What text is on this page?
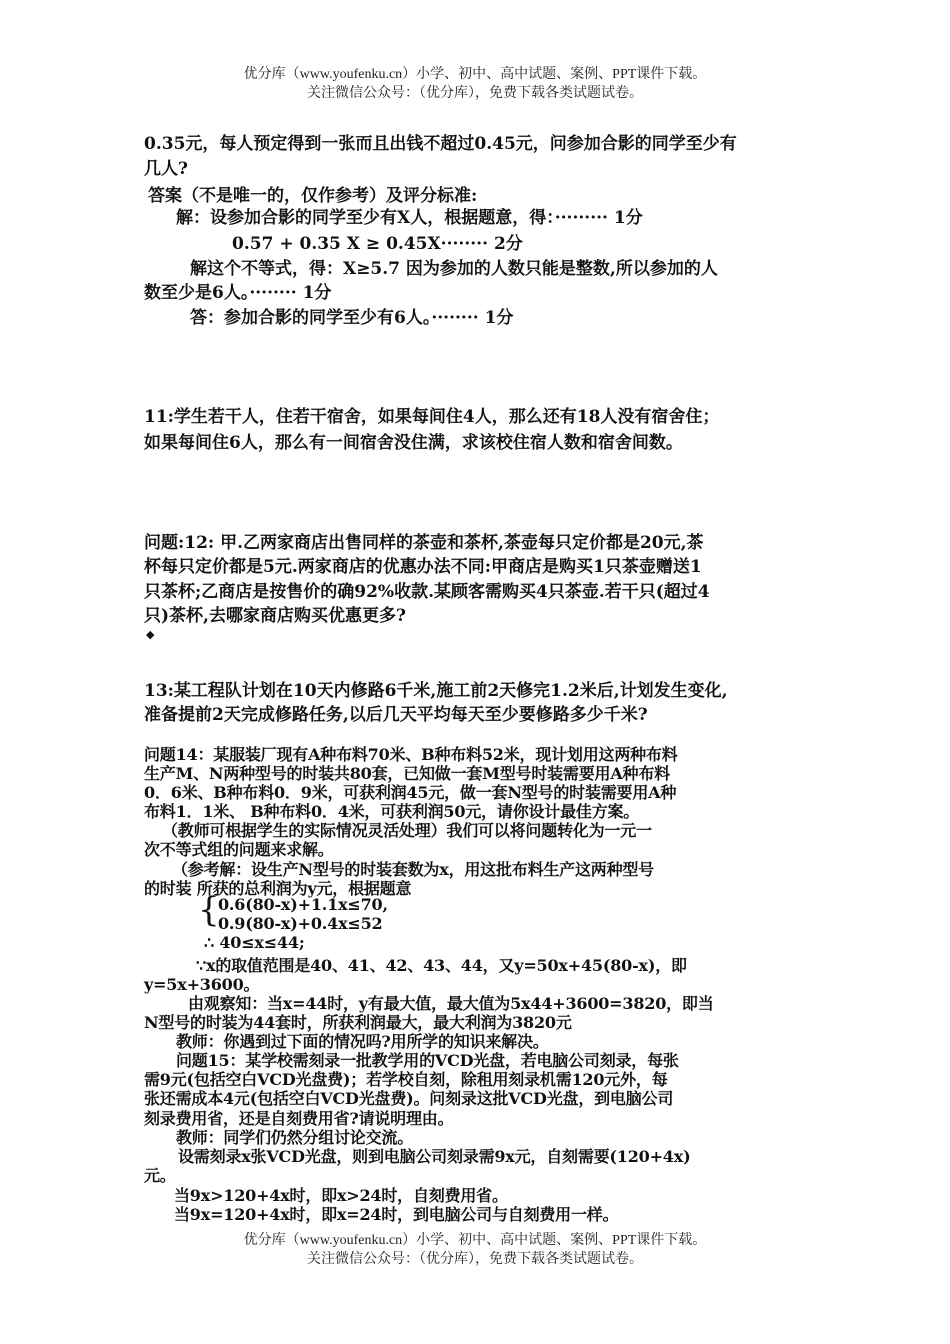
优分库（www.youfenku.cn）小学、初中、高中试题、案例、PPT课件下载。
关注微信公众号：（优分库），免费下载各类试题试卷。
0.35元，每人预定得到一张而且出钱不超过0.45元，问参加合影的同学至少有
几人?
答案（不是唯一的，仅作参考）及评分标准:
解：设参加合影的同学至少有X人，根据题意，得：········· 1分
0.57 + 0.35 X ≥ 0.45X········ 2分
解这个不等式，得：X≥5.7 因为参加的人数只能是整数,所以参加的人
数至少是6人。········ 1分
答：参加合影的同学至少有6人。········ 1分
11:学生若干人，住若干宿舍，如果每间住4人，那么还有18人没有宿舍住；
如果每间住6人，那么有一间宿舍没住满，求该校住宿人数和宿舍间数。
问题:12: 甲.乙两家商店出售同样的茶壶和茶杯,茶壶每只定价都是20元,茶
杯每只定价都是5元.两家商店的优惠办法不同:甲商店是购买1只茶壶赠送1
只茶杯;乙商店是按售价的确92%收款.某顾客需购买4只茶壶.若干只(超过4
只)茶杯,去哪家商店购买优惠更多?
◆
13:某工程队计划在10天内修路6千米,施工前2天修完1.2米后,计划发生变化,
准备提前2天完成修路任务,以后几天平均每天至少要修路多少千米?
问题14：某服装厂现有A种布料70米、B种布料52米，现计划用这两种布料
生产M、N两种型号的时装共80套，已知做一套M型号时装需要用A种布料
0．6米、B种布料0．9米，可获利润45元，做一套N型号的时装需要用A种
布料1．1米、 B种布料0．4米，可获利润50元，请你设计最佳方案。
（教师可根据学生的实际情况灵活处理）我们可以将问题转化为一元一
次不等式组的问题来求解。
（参考解：设生产N型号的时装套数为x，用这批布料生产这两种型号
的时装 所获的总利润为y元，根据题意
{
0.6(80-x)+1.1x≤70,
0.9(80-x)+0.4x≤52
∴ 40≤x≤44;
∵x的取值范围是40、41、42、43、44，又y=50x+45(80-x)，即
y=5x+3600。
由观察知：当x=44时，y有最大值，最大值为5x44+3600=3820，即当
N型号的时装为44套时，所获利润最大，最大利润为3820元
教师：你遇到过下面的情况吗?用所学的知识来解决。
问题15：某学校需刻录一批教学用的VCD光盘，若电脑公司刻录，每张
需9元(包括空白VCD光盘费)；若学校自刻，除租用刻录机需120元外，每
张还需成本4元(包括空白VCD光盘费)。问刻录这批VCD光盘，到电脑公司
刻录费用省，还是自刻费用省?请说明理由。
教师：同学们仍然分组讨论交流。
设需刻录x张VCD光盘，则到电脑公司刻录需9x元，自刻需要(120+4x)
元。
当9x>120+4x时，即x>24时，自刻费用省。
当9x=120+4x时，即x=24时，到电脑公司与自刻费用一样。
优分库（www.youfenku.cn）小学、初中、高中试题、案例、PPT课件下载。
关注微信公众号：（优分库），免费下载各类试题试卷。
